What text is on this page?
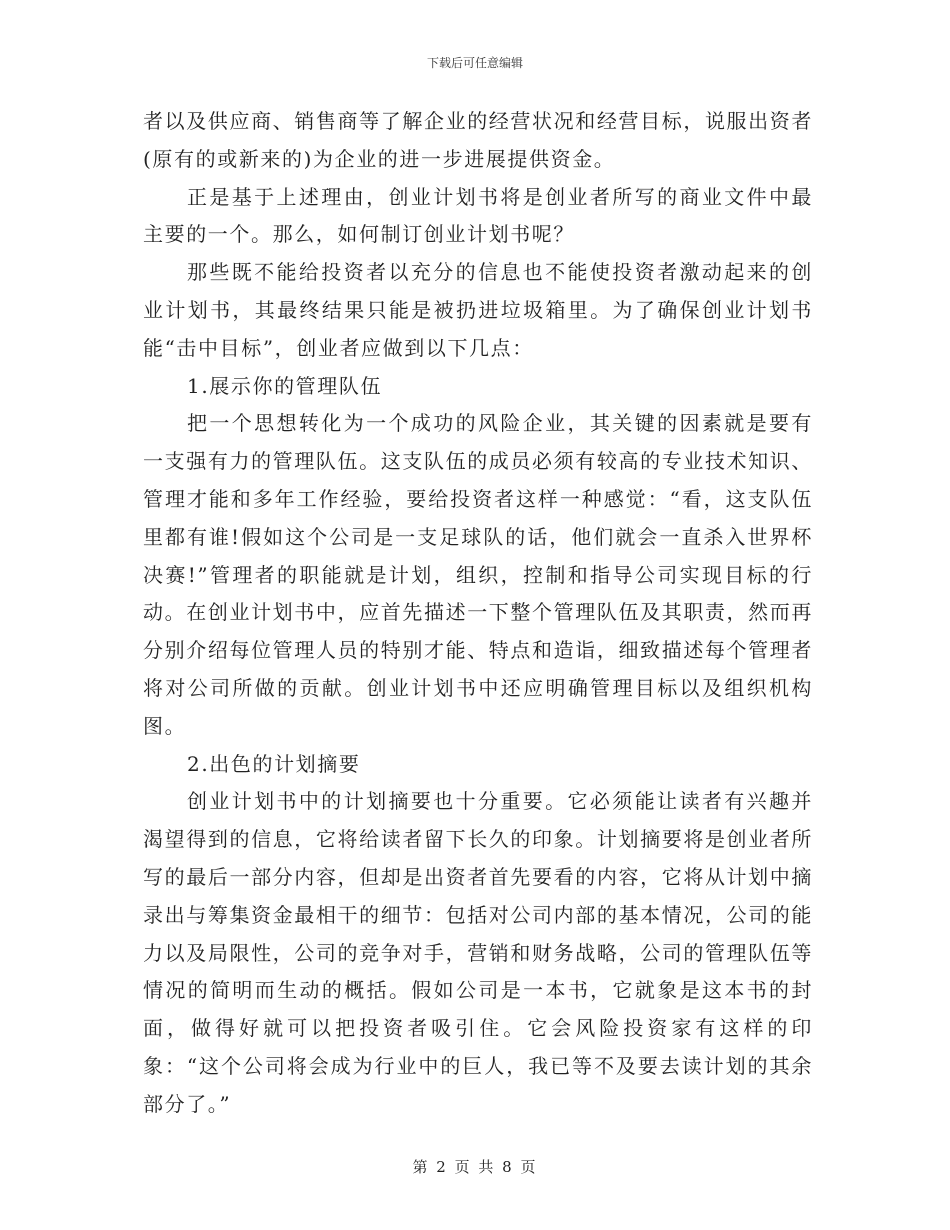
下载后可任意编辑

者以及供应商、销售商等了解企业的经营状况和经营目标，说服出资者(原有的或新来的)为企业的进一步进展提供资金。

正是基于上述理由，创业计划书将是创业者所写的商业文件中最主要的一个。那么，如何制订创业计划书呢？

那些既不能给投资者以充分的信息也不能使投资者激动起来的创业计划书，其最终结果只能是被扔进垃圾箱里。为了确保创业计划书能“击中目标”，创业者应做到以下几点：

1.展示你的管理队伍

把一个思想转化为一个成功的风险企业，其关键的因素就是要有一支强有力的管理队伍。这支队伍的成员必须有较高的专业技术知识、管理才能和多年工作经验，要给投资者这样一种感觉：“看，这支队伍里都有谁!假如这个公司是一支足球队的话，他们就会一直杀入世界杯决赛!”管理者的职能就是计划，组织，控制和指导公司实现目标的行动。在创业计划书中，应首先描述一下整个管理队伍及其职责，然而再分别介绍每位管理人员的特别才能、特点和造诣，细致描述每个管理者将对公司所做的贡献。创业计划书中还应明确管理目标以及组织机构图。

2.出色的计划摘要

创业计划书中的计划摘要也十分重要。它必须能让读者有兴趣并渴望得到的信息，它将给读者留下长久的印象。计划摘要将是创业者所写的最后一部分内容，但却是出资者首先要看的内容，它将从计划中摘录出与筹集资金最相干的细节：包括对公司内部的基本情况，公司的能力以及局限性，公司的竞争对手，营销和财务战略，公司的管理队伍等情况的简明而生动的概括。假如公司是一本书，它就象是这本书的封面，做得好就可以把投资者吸引住。它会风险投资家有这样的印象：“这个公司将会成为行业中的巨人，我已等不及要去读计划的其余部分了。”

第 2 页 共 8 页
